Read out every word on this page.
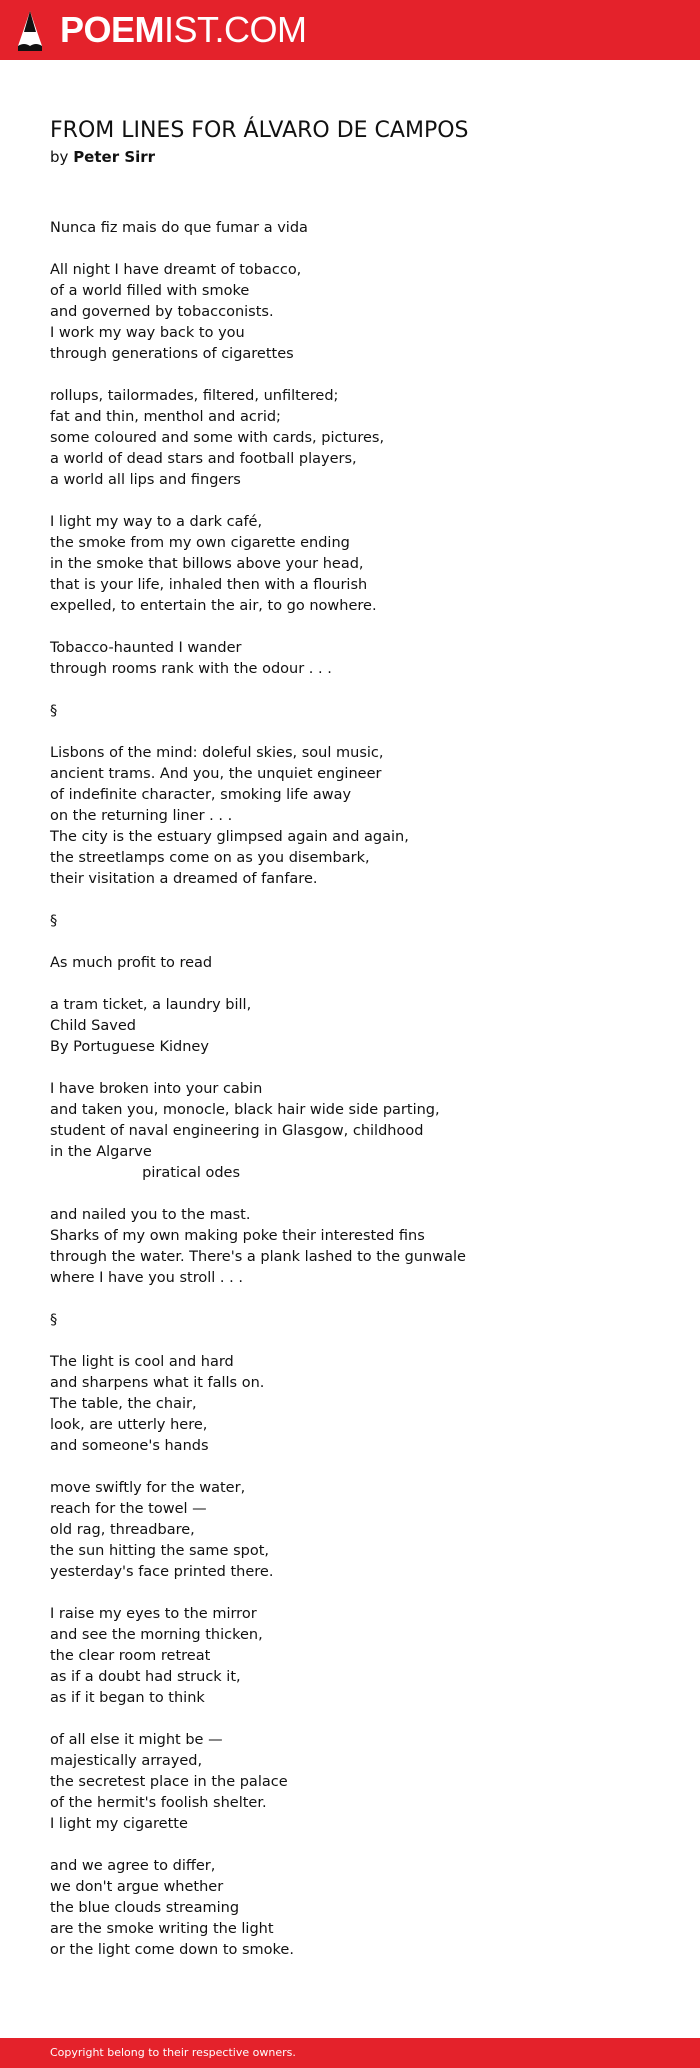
POEMIST.COM
FROM LINES FOR ÁLVARO DE CAMPOS
by Peter Sirr
Nunca fiz mais do que fumar a vida
All night I have dreamt of tobacco,
of a world filled with smoke
and governed by tobacconists.
I work my way back to you
through generations of cigarettes
rollups, tailormades, filtered, unfiltered;
fat and thin, menthol and acrid;
some coloured and some with cards, pictures,
a world of dead stars and football players,
a world all lips and fingers
I light my way to a dark café,
the smoke from my own cigarette ending
in the smoke that billows above your head,
that is your life, inhaled then with a flourish
expelled, to entertain the air, to go nowhere.
Tobacco-haunted I wander
through rooms rank with the odour . . .
§
Lisbons of the mind: doleful skies, soul music,
ancient trams. And you, the unquiet engineer
of indefinite character, smoking life away
on the returning liner . . .
The city is the estuary glimpsed again and again,
the streetlamps come on as you disembark,
their visitation a dreamed of fanfare.
§
As much profit to read
a tram ticket, a laundry bill,
Child Saved
By Portuguese Kidney
I have broken into your cabin
and taken you, monocle, black hair wide side parting,
student of naval engineering in Glasgow, childhood
in the Algarve
piratical odes
and nailed you to the mast.
Sharks of my own making poke their interested fins
through the water. There's a plank lashed to the gunwale
where I have you stroll . . .
§
The light is cool and hard
and sharpens what it falls on.
The table, the chair,
look, are utterly here,
and someone's hands
move swiftly for the water,
reach for the towel —
old rag, threadbare,
the sun hitting the same spot,
yesterday's face printed there.
I raise my eyes to the mirror
and see the morning thicken,
the clear room retreat
as if a doubt had struck it,
as if it began to think
of all else it might be —
majestically arrayed,
the secretest place in the palace
of the hermit's foolish shelter.
I light my cigarette
and we agree to differ,
we don't argue whether
the blue clouds streaming
are the smoke writing the light
or the light come down to smoke.
Copyright belong to their respective owners.
